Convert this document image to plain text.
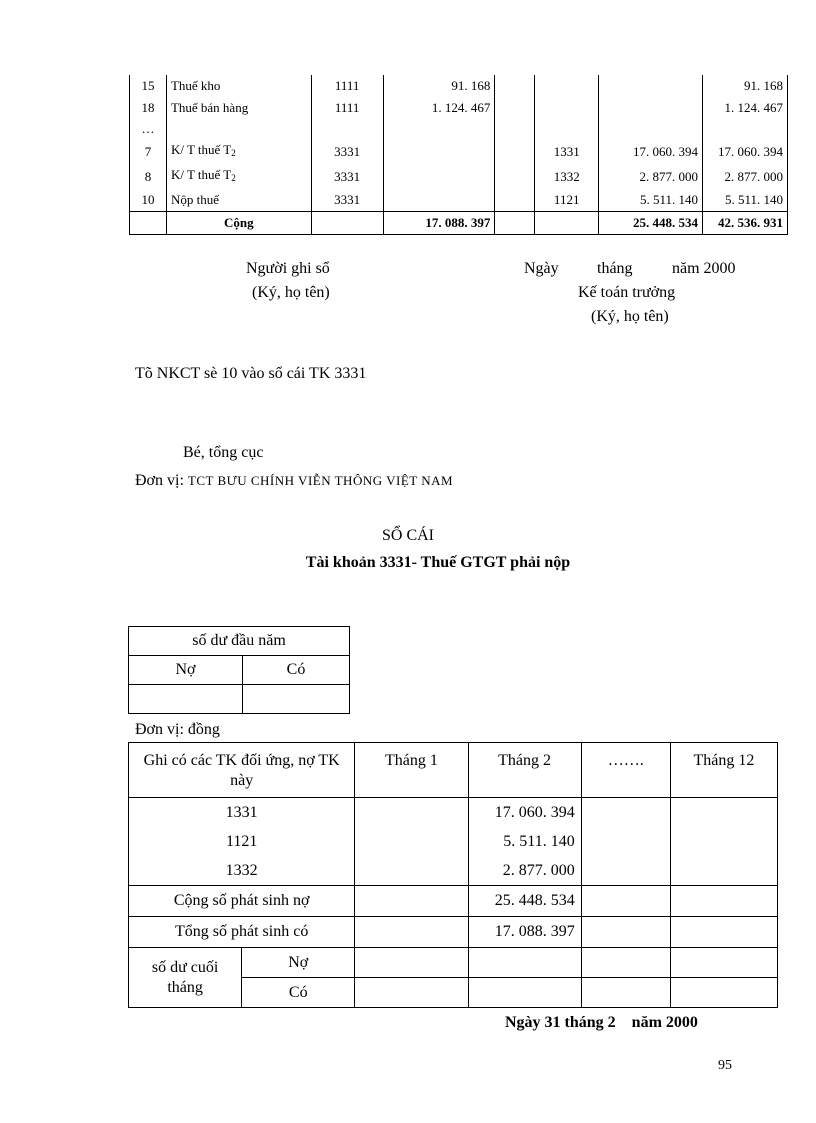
15	Thuế kho	1111	91. 168				91. 168
18	Thuế bán hàng	1111	1. 124. 467				1. 124. 467
…							
7	K/ T thuế $T_2$	3331			1331	17. 060. 394	17. 060. 394
8	K/ T thuế $T_2$	3331			1332	2. 877. 000	2. 877. 000
10	Nộp thuế	3331			1121	5. 511. 140	5. 511. 140
	Cộng		17. 088. 397			25. 448. 534	42. 536. 931
Người ghi sổ
(Ký, họ tên)
Ngày tháng năm 2000
Kế toán trưởng
(Ký, họ tên)
Tõ NKCT sè 10 vào sổ cái TK 3331
Bé, tổng cục
Đơn vị: TCT BƯU CHÍNH VIỄN THÔNG VIỆT NAM
SỔ CÁI
Tài khoản 3331- Thuế GTGT phải nộp
số dư đầu năm	
Nợ	Có

Đơn vị: đồng
Ghi có các TK đối ứng, nợ TK này		Tháng 1	Tháng 2	…….	Tháng 12
1331			17. 060. 394		
1121			5. 511. 140		
1332			2. 877. 000		
Cộng số phát sinh nợ			25. 448. 534		
Tổng số phát sinh có			17. 088. 397		
số dư cuối tháng	Nợ				
	Có				
Ngày 31 tháng 2    năm 2000
95
